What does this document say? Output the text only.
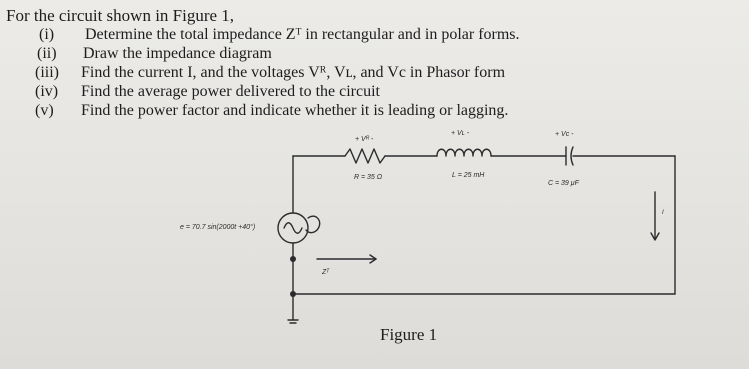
For the circuit shown in Figure 1,

(i)	Determine the total impedance Zᵀ in rectangular and in polar forms.
(ii)	Draw the impedance diagram
(iii)	Find the current I, and the voltages Vᴿ, Vʟ, and Vc in Phasor form
(iv)	Find the average power delivered to the circuit
(v)	Find the power factor and indicate whether it is leading or lagging.
+ Vᴿ -
R = 35 Ω
+ Vʟ -
L = 25 mH
+ Vc -
C = 39 μF
e = 70.7 sin(2000t +40°)
Zᵀ
I
Figure 1
